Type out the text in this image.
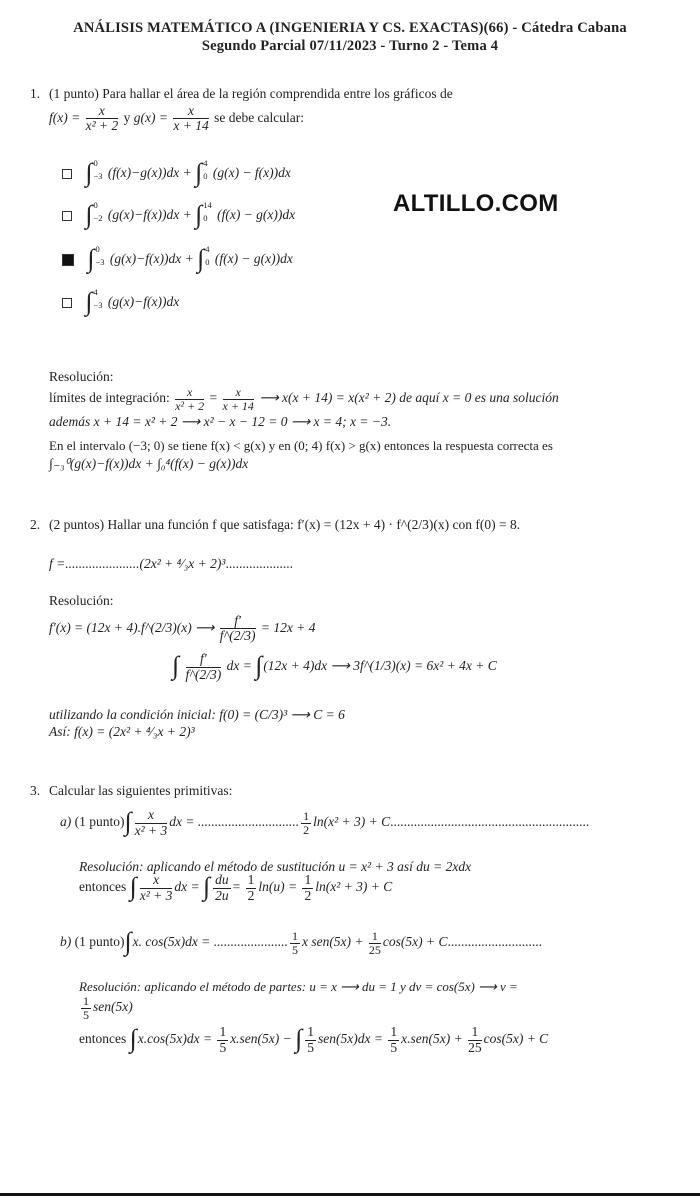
ANÁLISIS MATEMÁTICO A (INGENIERIA Y CS. EXACTAS)(66) - Cátedra Cabana
Segundo Parcial 07/11/2023 - Turno 2 - Tema 4
ALTILLO.COM
1. (1 punto) Para hallar el área de la región comprendida entre los gráficos de
$f(x) = \frac{x}{\text{x² + 2}}$ y $g(x) = \frac{x}{x + 14}$ se debe calcular:
∫ 0
−3 (f(x)−g(x))dx + ∫ 4
0 (g(x) − f(x))dx
∫ 0
−2 (g(x)−f(x))dx + ∫ 14
0 (f(x) − g(x))dx
∫ 0
−3 (g(x)−f(x))dx + ∫ 4
0 (f(x) − g(x))dx
∫ 4
−3 (g(x)−f(x))dx
Resolución:
límites de integración: $\frac{x}{\text{x² + 2}} = \frac{x}{x + 14}$ ⟶ x(x + 14) = x(x² + 2) de aquí x = 0 es una solución
además x + 14 = x² + 2 ⟶ x² − x − 12 = 0 ⟶ x = 4; x = −3.
En el intervalo (−3; 0) se tiene f(x) < g(x) y en (0; 4) f(x) > g(x) entonces la respuesta correcta es
∫₋₃⁰(g(x)−f(x))dx + ∫₀⁴(f(x) − g(x))dx
2. (2 puntos) Hallar una función f que satisfaga: f′(x) = (12x + 4) · f^(2/3)(x) con f(0) = 8.
f =......................(2x² + ⁴⁄₃x + 2)³....................
Resolución:
f′(x) = (12x + 4).f^(2/3)(x) ⟶ $\frac{f'}{f\^{}(2/3)} = 12x + 4$
∫ $\frac{f'}{f\^{}(2/3)}$ dx = ∫(12x + 4)dx ⟶ 3f^(1/3)(x) = 6x² + 4x + C
utilizando la condición inicial: f(0) = (C/3)³ ⟶ C = 6
Así: f(x) = (2x² + ⁴⁄₃x + 2)³
3. Calcular las siguientes primitivas:
a) (1 punto)∫ $\frac{x}{\text{x² + 3}}$ dx = .............................. $\frac{1}{2} \ln(x^2 + 3) + C$...........................................................
Resolución: aplicando el método de sustitución u = x² + 3 así du = 2xdx
entonces ∫ $\frac{x}{\text{x² + 3}}$ dx = ∫ $\frac{du}{2u} = \frac{1}{2} \ln(u) = \frac{1}{2} \ln(x^2 + 3) + C$
b) (1 punto)∫x. cos(5x)dx = ...................... $\frac{1}{5}$ x $sen(5x) + \frac{1}{25} \cos(5x) + C$............................
Resolución: aplicando el método de partes: u = x ⟶ du = 1 y dv = cos(5x) ⟶ v =
$\frac{1}{5} sen(5x)$
entonces $\int x.\cos(5x)dx = \frac{1}{5} x.sen(5x)$ − ∫ $\frac{1}{5} sen(5x)dx = \frac{1}{5} x.sen(5x) + \frac{1}{25} \cos(5x) + C$
